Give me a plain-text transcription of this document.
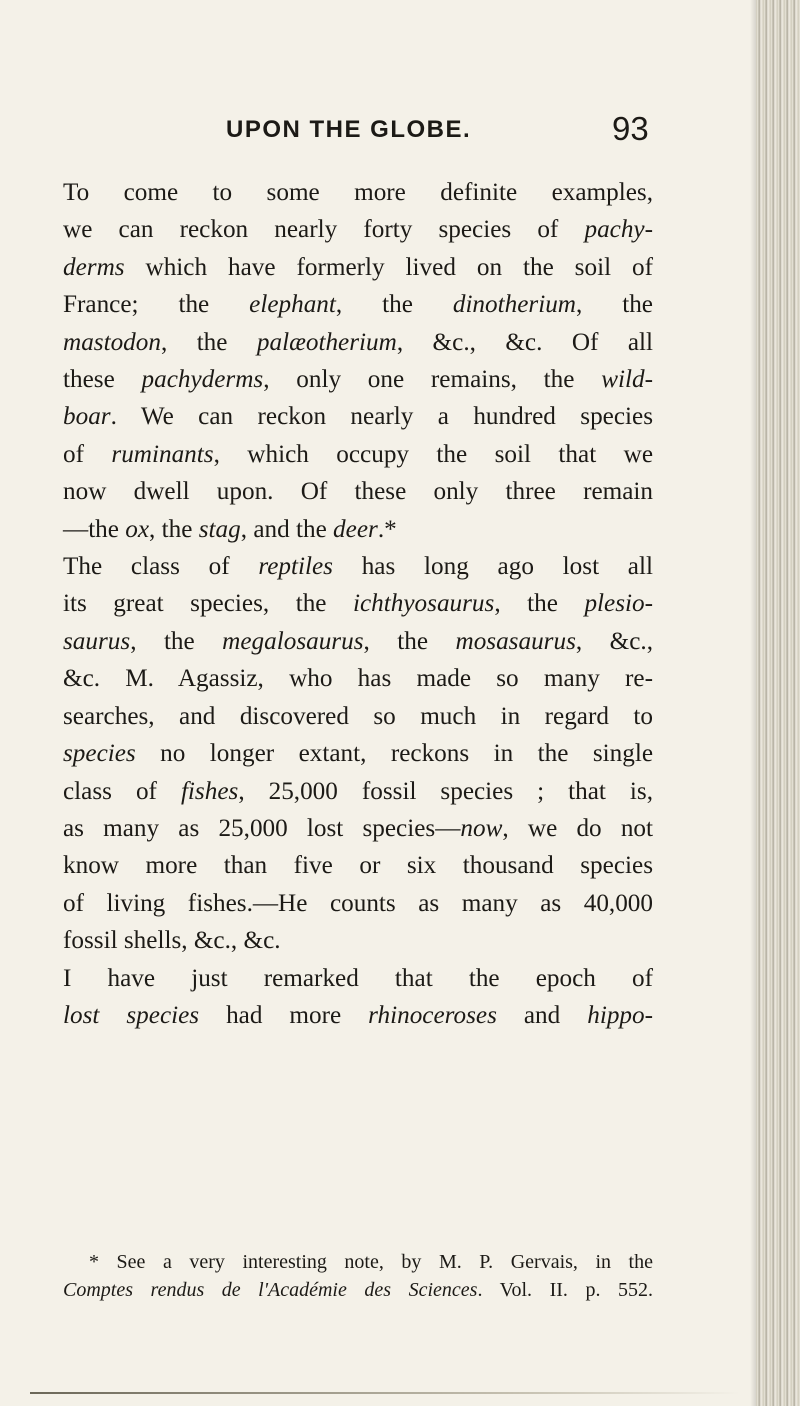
UPON THE GLOBE.	93
To come to some more definite examples,
we can reckon nearly forty species of pachy-
derms which have formerly lived on the soil of
France; the elephant, the dinotherium, the
mastodon, the palæotherium, &c., &c. Of all
these pachyderms, only one remains, the wild-
boar. We can reckon nearly a hundred species
of ruminants, which occupy the soil that we
now dwell upon. Of these only three remain
—the ox, the stag, and the deer.*
The class of reptiles has long ago lost all
its great species, the ichthyosaurus, the plesio-
saurus, the megalosaurus, the mosasaurus, &c.,
&c. M. Agassiz, who has made so many re-
searches, and discovered so much in regard to
species no longer extant, reckons in the single
class of fishes, 25,000 fossil species ; that is,
as many as 25,000 lost species—now, we do not
know more than five or six thousand species
of living fishes.—He counts as many as 40,000
fossil shells, &c., &c.
I have just remarked that the epoch of
lost species had more rhinoceroses and hippo-
* See a very interesting note, by M. P. Gervais, in the
Comptes rendus de l'Académie des Sciences. Vol. II. p. 552.
